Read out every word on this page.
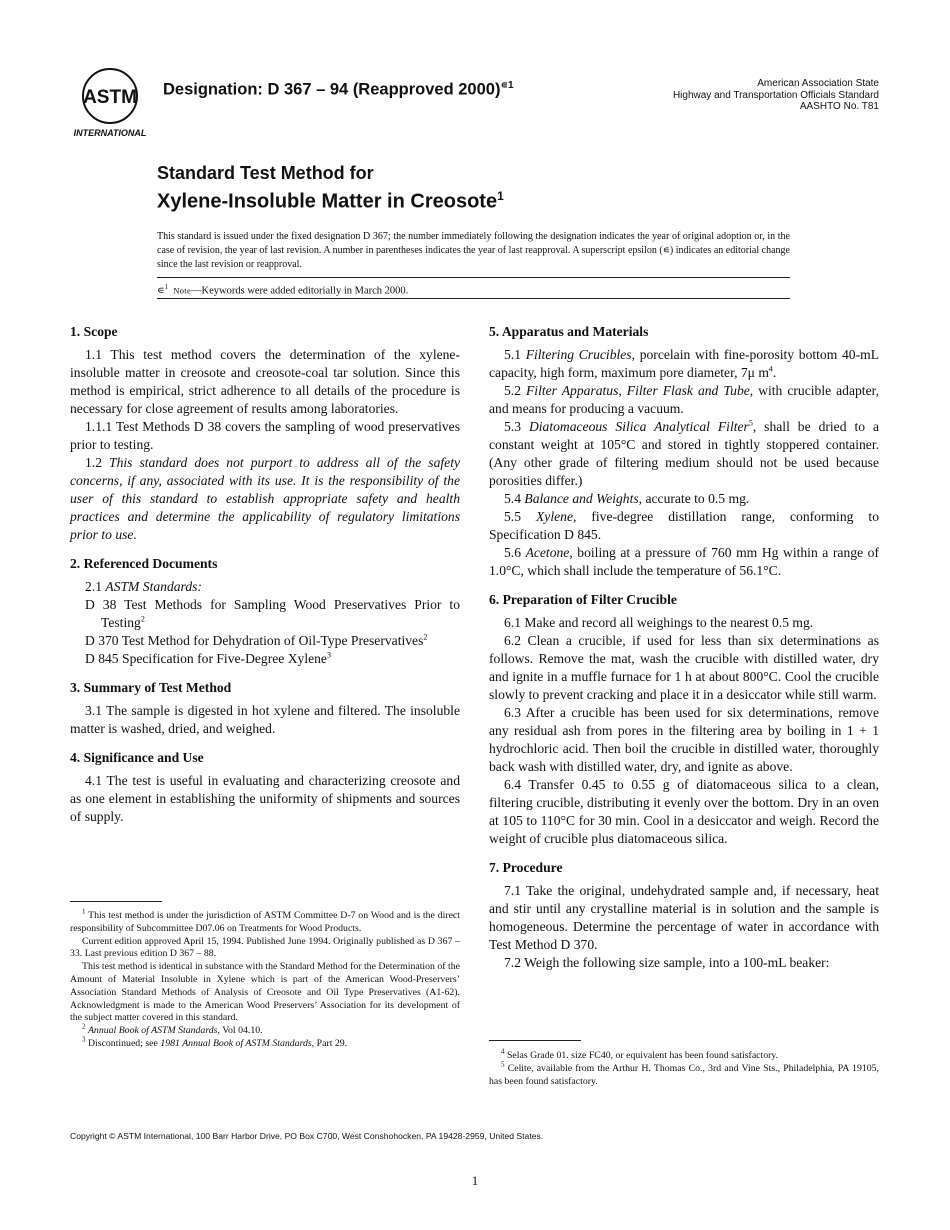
ASTM
INTERNATIONAL
Designation: D 367 – 94 (Reapproved 2000)$^{∊1}$	American Association State
Highway and Transportation Officials Standard
AASHTO No. T81
Standard Test Method for
Xylene-Insoluble Matter in Creosote$^1$
This standard is issued under the fixed designation D 367; the number immediately following the designation indicates the year of original adoption or, in the case of revision, the year of last revision. A number in parentheses indicates the year of last reapproval. A superscript epsilon (∊) indicates an editorial change since the last revision or reapproval.
∊$^1$ Note—Keywords were added editorially in March 2000.
1. Scope

1.1 This test method covers the determination of the xylene-insoluble matter in creosote and creosote-coal tar solution. Since this method is empirical, strict adherence to all details of the procedure is necessary for close agreement of results among laboratories.

1.1.1 Test Methods D 38 covers the sampling of wood preservatives prior to testing.

1.2 This standard does not purport to address all of the safety concerns, if any, associated with its use. It is the responsibility of the user of this standard to establish appropriate safety and health practices and determine the applicability of regulatory limitations prior to use.

2. Referenced Documents

2.1 ASTM Standards:

D 38 Test Methods for Sampling Wood Preservatives Prior to Testing$^2$

D 370 Test Method for Dehydration of Oil-Type Preservatives$^2$

D 845 Specification for Five-Degree Xylene$^3$

3. Summary of Test Method

3.1 The sample is digested in hot xylene and filtered. The insoluble matter is washed, dried, and weighed.

4. Significance and Use

4.1 The test is useful in evaluating and characterizing creosote and as one element in establishing the uniformity of shipments and sources of supply.

5. Apparatus and Materials

5.1 Filtering Crucibles, porcelain with fine-porosity bottom 40-mL capacity, high form, maximum pore diameter, 7μ $m^4$.

5.2 Filter Apparatus, Filter Flask and Tube, with crucible adapter, and means for producing a vacuum.

5.3 Diatomaceous Silica Analytical Filter$^5$, shall be dried to a constant weight at 105°C and stored in tightly stoppered container. (Any other grade of filtering medium should not be used because porosities differ.)

5.4 Balance and Weights, accurate to 0.5 mg.

5.5 Xylene, five-degree distillation range, conforming to Specification D 845.

5.6 Acetone, boiling at a pressure of 760 mm Hg within a range of 1.0°C, which shall include the temperature of 56.1°C.

6. Preparation of Filter Crucible

6.1 Make and record all weighings to the nearest 0.5 mg.

6.2 Clean a crucible, if used for less than six determinations as follows. Remove the mat, wash the crucible with distilled water, dry and ignite in a muffle furnace for 1 h at about 800°C. Cool the crucible slowly to prevent cracking and place it in a desiccator while still warm.

6.3 After a crucible has been used for six determinations, remove any residual ash from pores in the filtering area by boiling in 1 + 1 hydrochloric acid. Then boil the crucible in distilled water, thoroughly back wash with distilled water, dry, and ignite as above.

6.4 Transfer 0.45 to 0.55 g of diatomaceous silica to a clean, filtering crucible, distributing it evenly over the bottom. Dry in an oven at 105 to 110°C for 30 min. Cool in a desiccator and weigh. Record the weight of crucible plus diatomaceous silica.

7. Procedure

7.1 Take the original, undehydrated sample and, if necessary, heat and stir until any crystalline material is in solution and the sample is homogeneous. Determine the percentage of water in accordance with Test Method D 370.

7.2 Weigh the following size sample, into a 100-mL beaker:

$^1$ This test method is under the jurisdiction of ASTM Committee D-7 on Wood and is the direct responsibility of Subcommittee D07.06 on Treatments for Wood Products.

Current edition approved April 15, 1994. Published June 1994. Originally published as D 367 – 33. Last previous edition D 367 – 88.

This test method is identical in substance with the Standard Method for the Determination of the Amount of Material Insoluble in Xylene which is part of the American Wood-Preservers’ Association Standard Methods of Analysis of Creosote and Oil Type Preservatives (A1-62). Acknowledgment is made to the American Wood Preservers’ Association for its development of the subject matter covered in this standard.

$^2$ Annual Book of ASTM Standards, Vol 04.10.

$^3$ Discontinued; see 1981 Annual Book of ASTM Standards, Part 29.

$^4$ Selas Grade 01. size FC40, or equivalent has been found satisfactory.

$^5$ Celite, available from the Arthur H. Thomas Co., 3rd and Vine Sts., Philadelphia, PA 19105, has been found satisfactory.

Copyright © ASTM International, 100 Barr Harbor Drive, PO Box C700, West Conshohocken, PA 19428-2959, United States.
1
